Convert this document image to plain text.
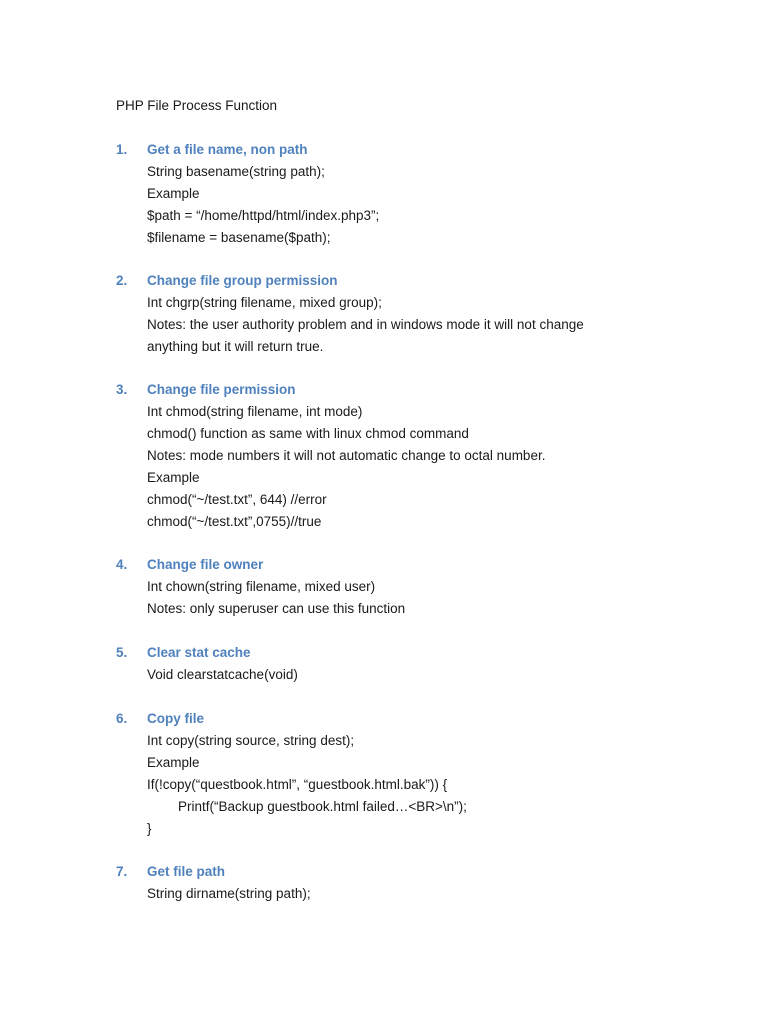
PHP File Process Function
1.	Get a file name, non path
String basename(string path);
Example
$path = “/home/httpd/html/index.php3”;
$filename = basename($path);
2.	Change file group permission
Int chgrp(string filename, mixed group);
Notes: the user authority problem and in windows mode it will not change
anything but it will return true.
3.	Change file permission
Int chmod(string filename, int mode)
chmod() function as same with linux chmod command
Notes: mode numbers it will not automatic change to octal number.
Example
chmod(“~/test.txt”, 644) //error
chmod(“~/test.txt”,0755)//true
4.	Change file owner
Int chown(string filename, mixed user)
Notes: only superuser can use this function
5.	Clear stat cache
Void clearstatcache(void)
6.	Copy file
Int copy(string source, string dest);
Example
If(!copy(“questbook.html”, “guestbook.html.bak”)) {
Printf(“Backup guestbook.html failed…<BR>\n”);
}
7.	Get file path
String dirname(string path);
